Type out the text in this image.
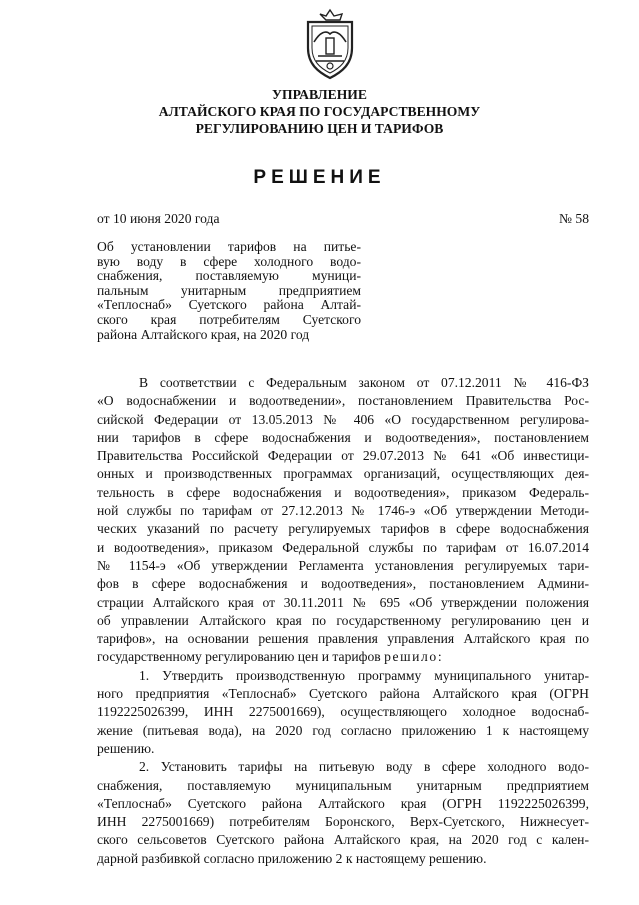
УПРАВЛЕНИЕ
АЛТАЙСКОГО КРАЯ ПО ГОСУДАРСТВЕННОМУ
РЕГУЛИРОВАНИЮ ЦЕН И ТАРИФОВ
РЕШЕНИЕ
от 10 июня 2020 года	№ 58
Об установлении тарифов на питье-
вую воду в сфере холодного водо-
снабжения, поставляемую муници-
пальным унитарным предприятием
«Теплоснаб» Суетского района Алтай-
ского края потребителям Суетского
района Алтайского края, на 2020 год
В соответствии с Федеральным законом от 07.12.2011 № 416-ФЗ
«О водоснабжении и водоотведении», постановлением Правительства Рос-
сийской Федерации от 13.05.2013 № 406 «О государственном регулирова-
нии тарифов в сфере водоснабжения и водоотведения», постановлением
Правительства Российской Федерации от 29.07.2013 № 641 «Об инвестици-
онных и производственных программах организаций, осуществляющих дея-
тельность в сфере водоснабжения и водоотведения», приказом Федераль-
ной службы по тарифам от 27.12.2013 № 1746-э «Об утверждении Методи-
ческих указаний по расчету регулируемых тарифов в сфере водоснабжения
и водоотведения», приказом Федеральной службы по тарифам от 16.07.2014
№ 1154-э «Об утверждении Регламента установления регулируемых тари-
фов в сфере водоснабжения и водоотведения», постановлением Админи-
страции Алтайского края от 30.11.2011 № 695 «Об утверждении положения
об управлении Алтайского края по государственному регулированию цен и
тарифов», на основании решения правления управления Алтайского края по
государственному регулированию цен и тарифов решило:
1. Утвердить производственную программу муниципального унитар-
ного предприятия «Теплоснаб» Суетского района Алтайского края (ОГРН
1192225026399, ИНН 2275001669), осуществляющего холодное водоснаб-
жение (питьевая вода), на 2020 год согласно приложению 1 к настоящему
решению.
2. Установить тарифы на питьевую воду в сфере холодного водо-
снабжения, поставляемую муниципальным унитарным предприятием
«Теплоснаб» Суетского района Алтайского края (ОГРН 1192225026399,
ИНН 2275001669) потребителям Боронского, Верх-Суетского, Нижнесует-
ского сельсоветов Суетского района Алтайского края, на 2020 год с кален-
дарной разбивкой согласно приложению 2 к настоящему решению.
